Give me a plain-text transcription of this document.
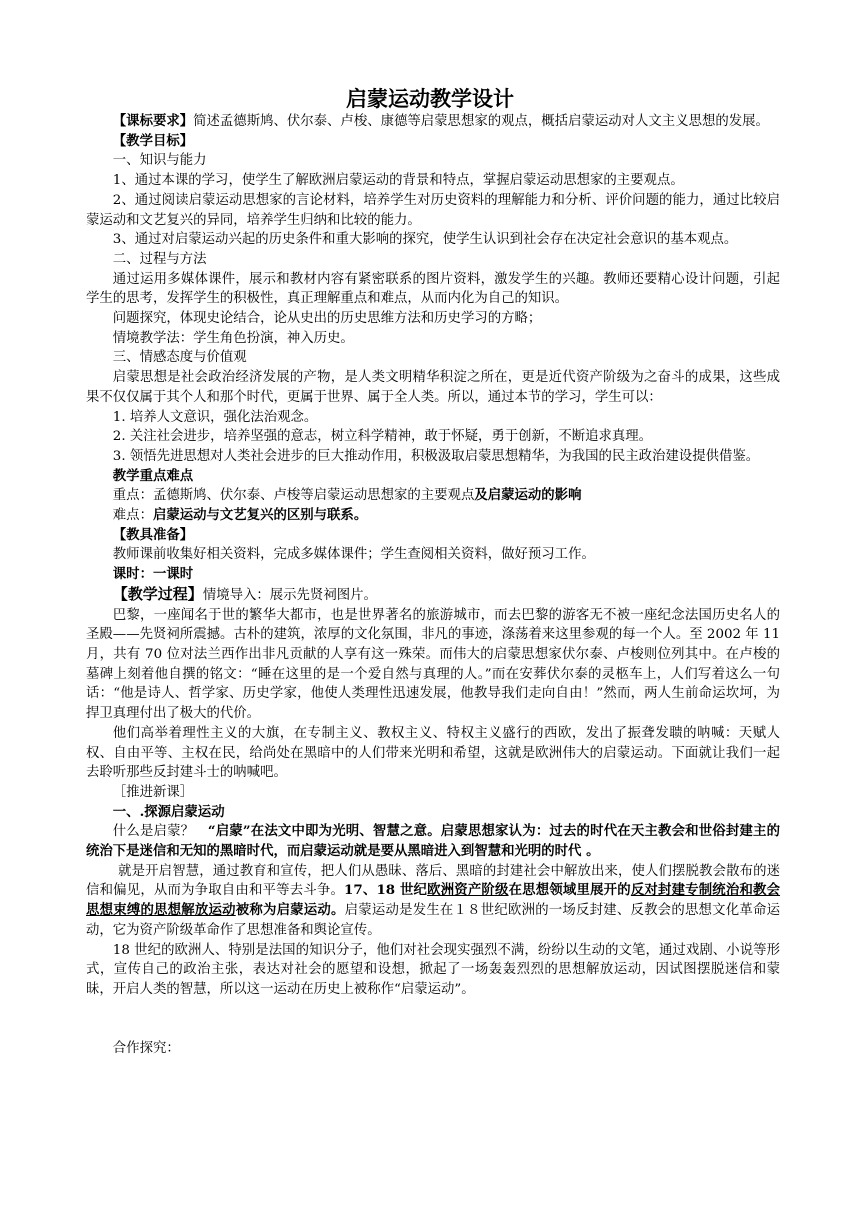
启蒙运动教学设计

【课标要求】简述孟德斯鸠、伏尔泰、卢梭、康德等启蒙思想家的观点，概括启蒙运动对人文主义思想的发展。

【教学目标】

一、知识与能力

1、通过本课的学习，使学生了解欧洲启蒙运动的背景和特点，掌握启蒙运动思想家的主要观点。

2、通过阅读启蒙运动思想家的言论材料，培养学生对历史资料的理解能力和分析、评价问题的能力，通过比较启蒙运动和文艺复兴的异同，培养学生归纳和比较的能力。

3、通过对启蒙运动兴起的历史条件和重大影响的探究，使学生认识到社会存在决定社会意识的基本观点。

二、过程与方法

通过运用多媒体课件，展示和教材内容有紧密联系的图片资料，激发学生的兴趣。教师还要精心设计问题，引起学生的思考，发挥学生的积极性，真正理解重点和难点，从而内化为自己的知识。

问题探究，体现史论结合，论从史出的历史思维方法和历史学习的方略；

情境教学法：学生角色扮演，神入历史。

三、情感态度与价值观

启蒙思想是社会政治经济发展的产物，是人类文明精华积淀之所在，更是近代资产阶级为之奋斗的成果，这些成果不仅仅属于其个人和那个时代，更属于世界、属于全人类。所以，通过本节的学习，学生可以：

1. 培养人文意识，强化法治观念。

2. 关注社会进步，培养坚强的意志，树立科学精神，敢于怀疑，勇于创新，不断追求真理。

3. 领悟先进思想对人类社会进步的巨大推动作用，积极汲取启蒙思想精华，为我国的民主政治建设提供借鉴。

教学重点难点

重点：孟德斯鸠、伏尔泰、卢梭等启蒙运动思想家的主要观点及启蒙运动的影响

难点：启蒙运动与文艺复兴的区别与联系。

【教具准备】

教师课前收集好相关资料，完成多媒体课件；学生查阅相关资料，做好预习工作。

课时：一课时

【教学过程】情境导入：展示先贤祠图片。

巴黎，一座闻名于世的繁华大都市，也是世界著名的旅游城市，而去巴黎的游客无不被一座纪念法国历史名人的圣殿——先贤祠所震撼。古朴的建筑，浓厚的文化氛围，非凡的事迹，涤荡着来这里参观的每一个人。至 2002 年 11 月，共有 70 位对法兰西作出非凡贡献的人享有这一殊荣。而伟大的启蒙思想家伏尔泰、卢梭则位列其中。在卢梭的墓碑上刻着他自撰的铭文：“睡在这里的是一个爱自然与真理的人。”而在安葬伏尔泰的灵柩车上，人们写着这么一句话：“他是诗人、哲学家、历史学家，他使人类理性迅速发展，他教导我们走向自由！”然而，两人生前命运坎坷，为捍卫真理付出了极大的代价。

他们高举着理性主义的大旗，在专制主义、教权主义、特权主义盛行的西欧，发出了振聋发聩的呐喊：天赋人权、自由平等、主权在民，给尚处在黑暗中的人们带来光明和希望，这就是欧洲伟大的启蒙运动。下面就让我们一起去聆听那些反封建斗士的呐喊吧。

［推进新课］

一、.探源启蒙运动

什么是启蒙？　“启蒙”在法文中即为光明、智慧之意。启蒙思想家认为：过去的时代在天主教会和世俗封建主的统治下是迷信和无知的黑暗时代，而启蒙运动就是要从黑暗进入到智慧和光明的时代 。

就是开启智慧，通过教育和宣传，把人们从愚昧、落后、黑暗的封建社会中解放出来，使人们摆脱教会散布的迷信和偏见，从而为争取自由和平等去斗争。17、18 世纪欧洲资产阶级在思想领域里展开的反对封建专制统治和教会思想束缚的思想解放运动被称为启蒙运动。启蒙运动是发生在１８世纪欧洲的一场反封建、反教会的思想文化革命运动，它为资产阶级革命作了思想准备和舆论宣传。

18 世纪的欧洲人、特别是法国的知识分子，他们对社会现实强烈不满，纷纷以生动的文笔，通过戏剧、小说等形式，宣传自己的政治主张，表达对社会的愿望和设想，掀起了一场轰轰烈烈的思想解放运动，因试图摆脱迷信和蒙昧，开启人类的智慧，所以这一运动在历史上被称作“启蒙运动”。

合作探究：
